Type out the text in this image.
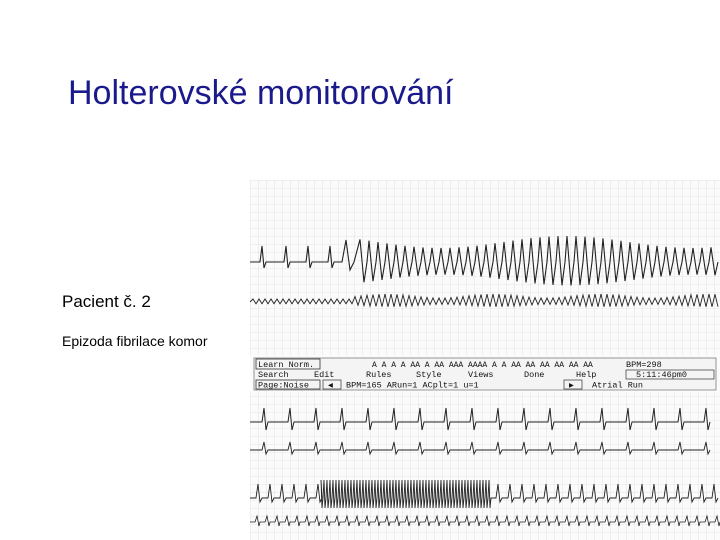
Holterovské monitorování
Pacient č. 2
Epizoda fibrilace komor
Learn Norm.	A A A A AA A AA AAA AAAA A A AA AA AA AA AA AA	BPM=298
Search	Edit	Rules	Style	Views	Done	Help	5:11:46pm0
Page:Noise ◀ BPM=165 ARun=1 ACplt=1 u=1	▶ Atrial Run
